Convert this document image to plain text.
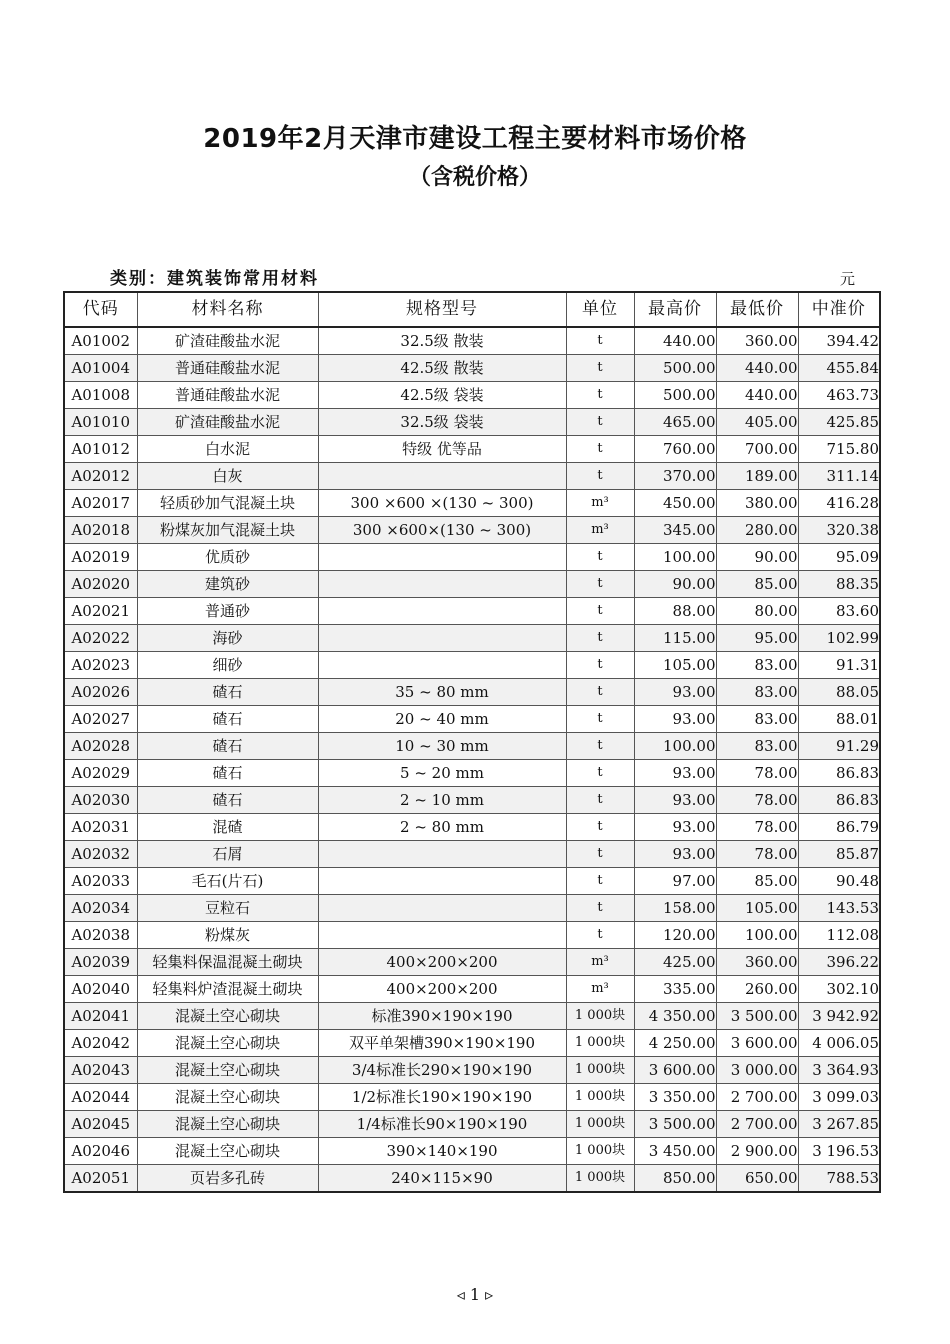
2019年2月天津市建设工程主要材料市场价格
（含税价格）
类别：建筑装饰常用材料	元
代码	材料名称	规格型号	单位	最高价	最低价	中准价
A01002	矿渣硅酸盐水泥	32.5级 散装	t	440.00	360.00	394.42
A01004	普通硅酸盐水泥	42.5级 散装	t	500.00	440.00	455.84
A01008	普通硅酸盐水泥	42.5级 袋装	t	500.00	440.00	463.73
A01010	矿渣硅酸盐水泥	32.5级 袋装	t	465.00	405.00	425.85
A01012	白水泥	特级 优等品	t	760.00	700.00	715.80
A02012	白灰		t	370.00	189.00	311.14
A02017	轻质砂加气混凝土块	300 ×600 ×(130 ~ 300)	m³	450.00	380.00	416.28
A02018	粉煤灰加气混凝土块	300 ×600×(130 ~ 300)	m³	345.00	280.00	320.38
A02019	优质砂		t	100.00	90.00	95.09
A02020	建筑砂		t	90.00	85.00	88.35
A02021	普通砂		t	88.00	80.00	83.60
A02022	海砂		t	115.00	95.00	102.99
A02023	细砂		t	105.00	83.00	91.31
A02026	碴石	35 ~ 80 mm	t	93.00	83.00	88.05
A02027	碴石	20 ~ 40 mm	t	93.00	83.00	88.01
A02028	碴石	10 ~ 30 mm	t	100.00	83.00	91.29
A02029	碴石	5 ~ 20 mm	t	93.00	78.00	86.83
A02030	碴石	2 ~ 10 mm	t	93.00	78.00	86.83
A02031	混碴	2 ~ 80 mm	t	93.00	78.00	86.79
A02032	石屑		t	93.00	78.00	85.87
A02033	毛石(片石)		t	97.00	85.00	90.48
A02034	豆粒石		t	158.00	105.00	143.53
A02038	粉煤灰		t	120.00	100.00	112.08
A02039	轻集料保温混凝土砌块	400×200×200	m³	425.00	360.00	396.22
A02040	轻集料炉渣混凝土砌块	400×200×200	m³	335.00	260.00	302.10
A02041	混凝土空心砌块	标准390×190×190	1 000块	4 350.00	3 500.00	3 942.92
A02042	混凝土空心砌块	双平单架槽390×190×190	1 000块	4 250.00	3 600.00	4 006.05
A02043	混凝土空心砌块	3/4标准长290×190×190	1 000块	3 600.00	3 000.00	3 364.93
A02044	混凝土空心砌块	1/2标准长190×190×190	1 000块	3 350.00	2 700.00	3 099.03
A02045	混凝土空心砌块	1/4标准长90×190×190	1 000块	3 500.00	2 700.00	3 267.85
A02046	混凝土空心砌块	390×140×190	1 000块	3 450.00	2 900.00	3 196.53
A02051	页岩多孔砖	240×115×90	1 000块	850.00	650.00	788.53
◃ 1 ▹
